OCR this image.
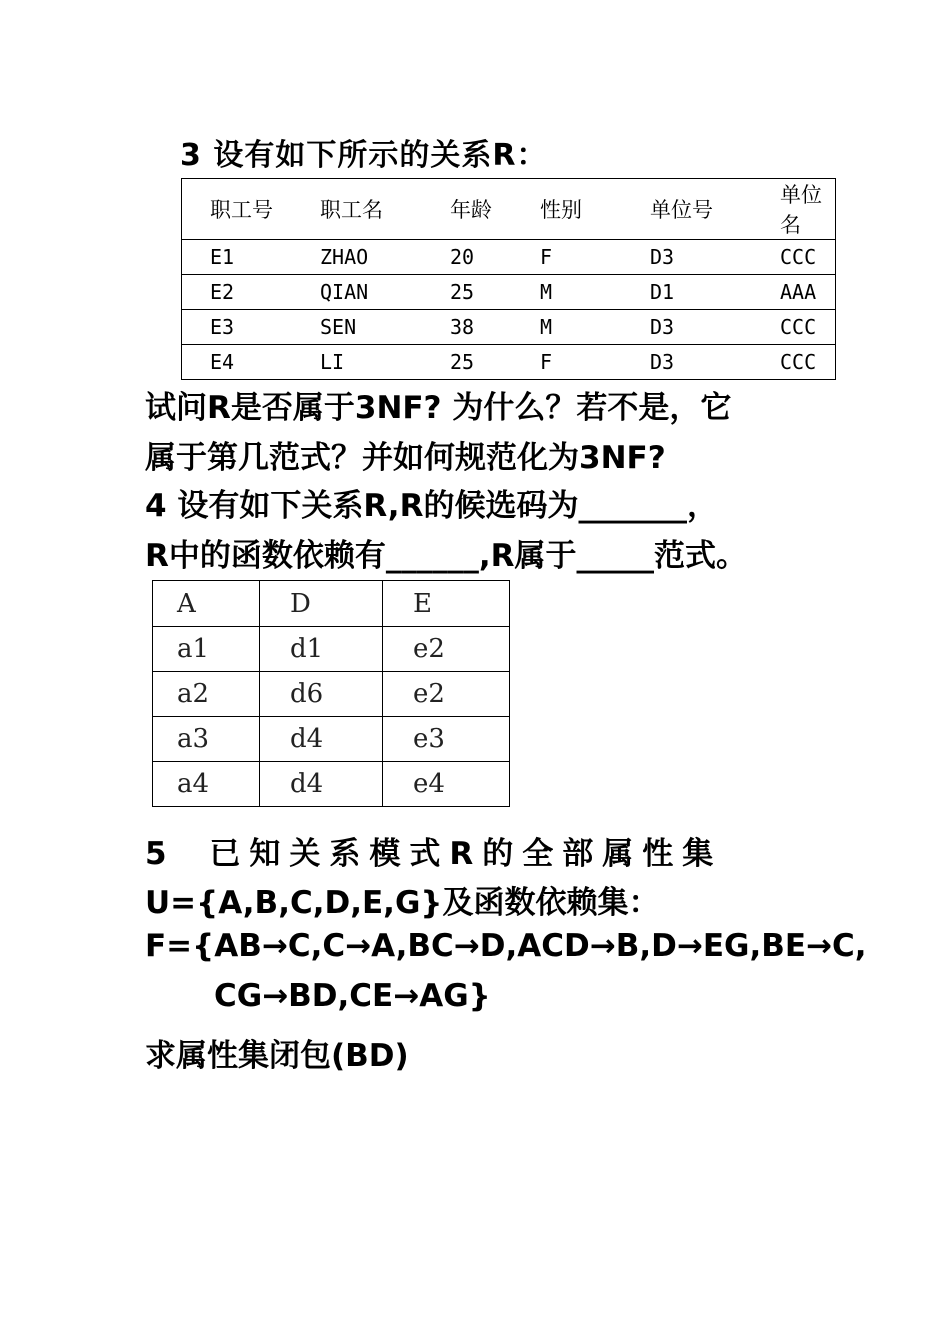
3 设有如下所示的关系R：
职工号	职工名	年龄	性别	单位号	单位名
E1	ZHAO	20	F	D3	CCC
E2	QIAN	25	M	D1	AAA
E3	SEN	38	M	D3	CCC
E4	LI	25	F	D3	CCC
试问R是否属于3NF? 为什么？若不是，它
属于第几范式？并如何规范化为3NF?
4 设有如下关系R,R的候选码为_______，
R中的函数依赖有______,R属于_____范式。
A	D	E
a1	d1	e2
a2	d6	e2
a3	d4	e3
a4	d4	e4
5 已知关系模式R的全部属性集
U={A,B,C,D,E,G}及函数依赖集：
F={AB→C,C→A,BC→D,ACD→B,D→EG,BE→C,
CG→BD,CE→AG}
求属性集闭包(BD)
